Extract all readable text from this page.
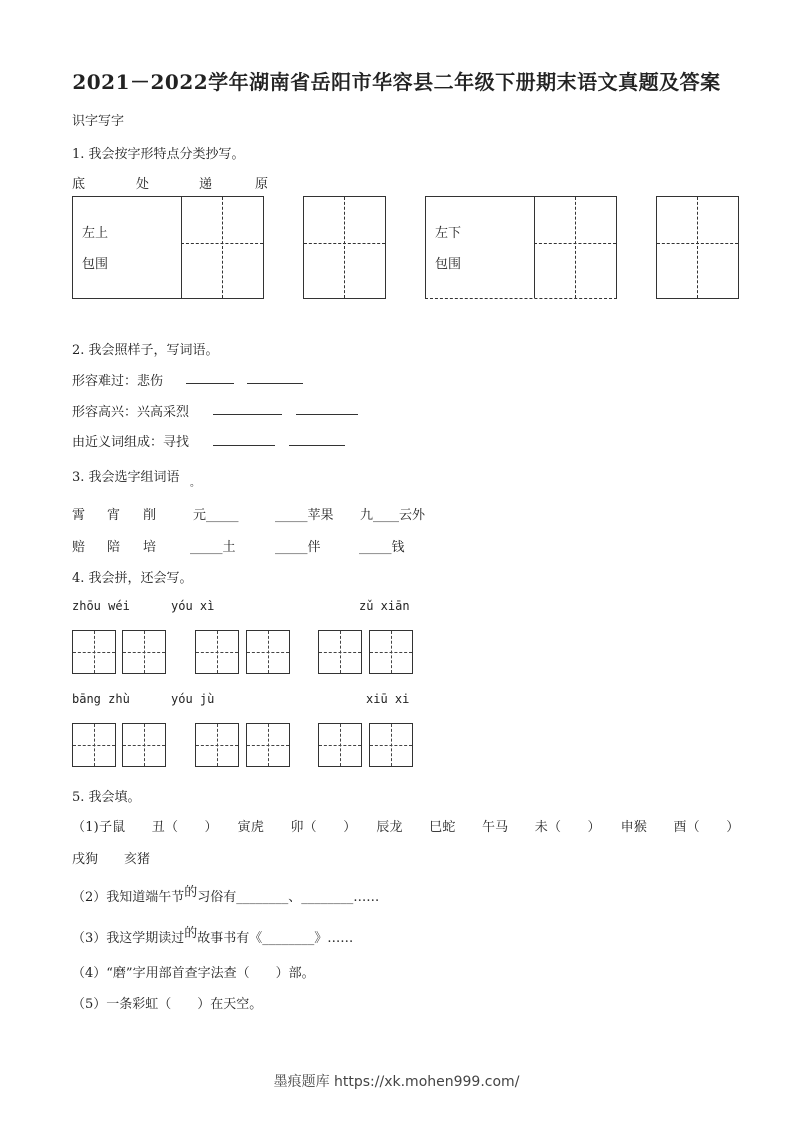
2021－2022学年湖南省岳阳市华容县二年级下册期末语文真题及答案
识字写字
1. 我会按字形特点分类抄写。
底	处	递	原
左上
包围
左下
包围
2. 我会照样子，写词语。
形容难过：悲伤
形容高兴：兴高采烈
由近义词组成：寻找
3. 我会选字组词语 。
霄 宵 削	元_____	_____苹果 九____云外
赔 陪 培	_____土	_____伴	_____钱
4. 我会拼，还会写。
zhōu wéi	yóu xì	zǔ xiān
bāng zhù	yóu jù	xiū xi
5. 我会填。
（1)子鼠　　丑（　　）　　寅虎　　卯（　　）　　辰龙　　巳蛇　　午马　　未（　　）　　申猴　　酉（　　）
戌狗　　亥猪
（2）我知道端午节的习俗有________、________……
（3）我这学期读过的故事书有《________》……
（4）“磨”字用部首查字法查（　　）部。
（5）一条彩虹（　　）在天空。
墨痕题库 https://xk.mohen999.com/
